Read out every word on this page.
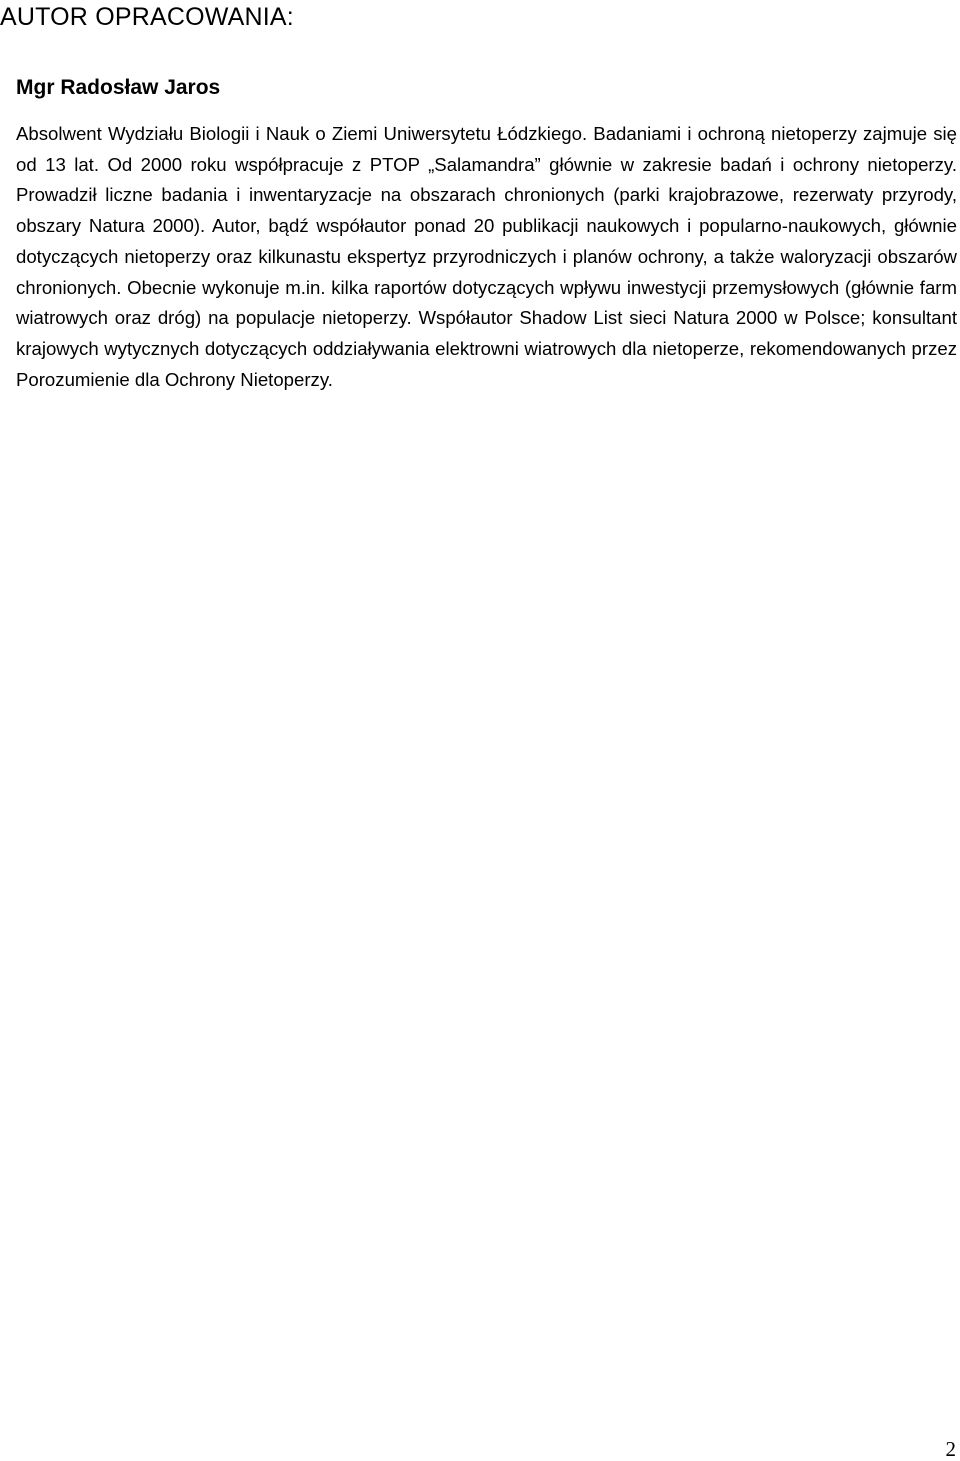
AUTOR OPRACOWANIA:
Mgr Radosław Jaros

Absolwent Wydziału Biologii i Nauk o Ziemi Uniwersytetu Łódzkiego. Badaniami i ochroną nietoperzy zajmuje się od 13 lat. Od 2000 roku współpracuje z PTOP „Salamandra” głównie w zakresie badań i ochrony nietoperzy. Prowadził liczne badania i inwentaryzacje na obszarach chronionych (parki krajobrazowe, rezerwaty przyrody, obszary Natura 2000). Autor, bądź współautor ponad 20 publikacji naukowych i popularno-naukowych, głównie dotyczących nietoperzy oraz kilkunastu ekspertyz przyrodniczych i planów ochrony, a także waloryzacji obszarów chronionych. Obecnie wykonuje m.in. kilka raportów dotyczących wpływu inwestycji przemysłowych (głównie farm wiatrowych oraz dróg) na populacje nietoperzy. Współautor Shadow List sieci Natura 2000 w Polsce; konsultant krajowych wytycznych dotyczących oddziaływania elektrowni wiatrowych dla nietoperze, rekomendowanych przez Porozumienie dla Ochrony Nietoperzy.

2
